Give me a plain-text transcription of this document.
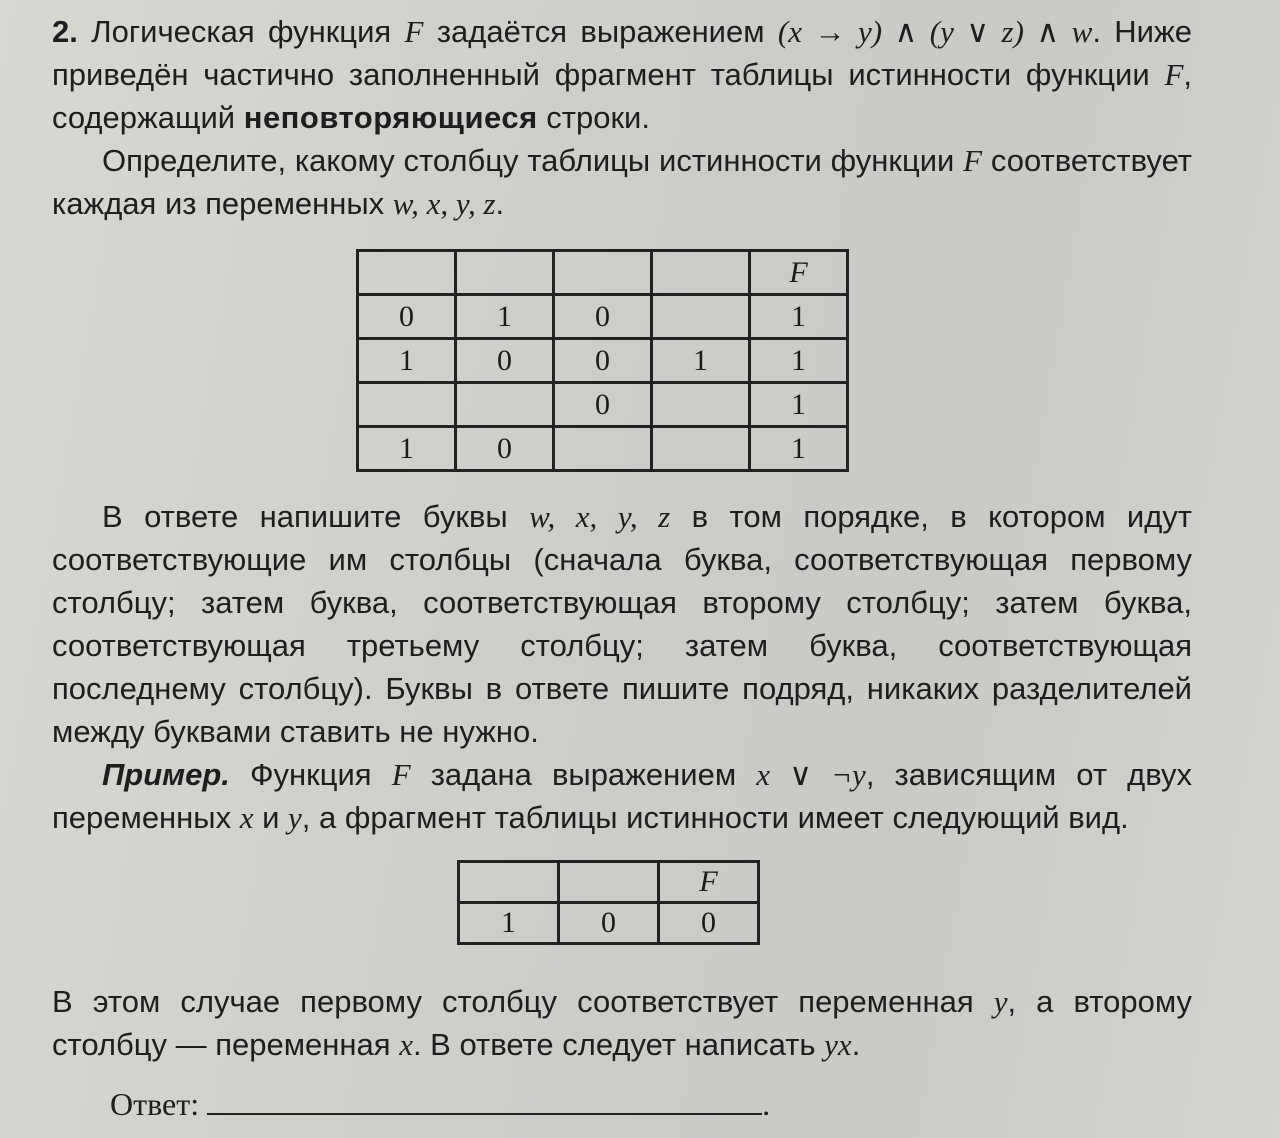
2. Логическая функция F задаётся выражением (x → y) ∧ (y ∨ z) ∧ w. Ниже приведён частично заполненный фрагмент таблицы истинности функции F, содержащий неповторяющиеся строки.

Определите, какому столбцу таблицы истинности функции F соответствует каждая из переменных w, x, y, z.

				F
0	1	0		1
1	0	0	1	1
		0		1
1	0			1

В ответе напишите буквы w, x, y, z в том порядке, в котором идут соответствующие им столбцы (сначала буква, соответствующая первому столбцу; затем буква, соответствующая второму столбцу; затем буква, соответствующая третьему столбцу; затем буква, соответствующая последнему столбцу). Буквы в ответе пишите подряд, никаких разделителей между буквами ставить не нужно.

Пример. Функция F задана выражением x ∨ ¬y, зависящим от двух переменных x и y, а фрагмент таблицы истинности имеет следующий вид.

		F
1	0	0

В этом случае первому столбцу соответствует переменная y, а второму столбцу — переменная x. В ответе следует написать yx.

Ответ:	.
